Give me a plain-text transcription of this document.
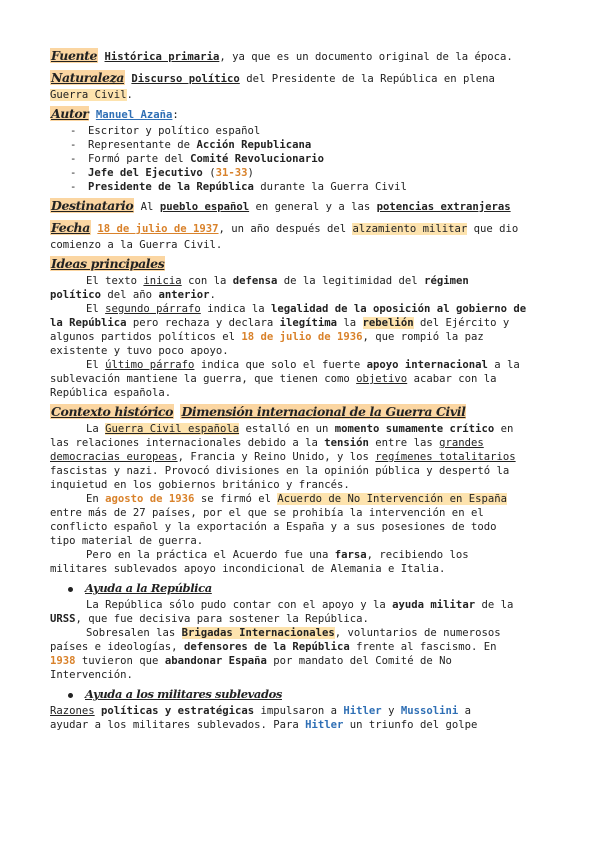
Fuente Histórica primaria, ya que es un documento original de la época.
Naturaleza Discurso político del Presidente de la República en plena
Guerra Civil.
Autor Manuel Azaña:
- Escritor y político español
- Representante de Acción Republicana
- Formó parte del Comité Revolucionario
- Jefe del Ejecutivo (31-33)
- Presidente de la República durante la Guerra Civil
Destinatario Al pueblo español en general y a las potencias extranjeras
Fecha 18 de julio de 1937, un año después del alzamiento militar que dio
comienzo a la Guerra Civil.
Ideas principales
El texto inicia con la defensa de la legitimidad del régimen
político del año anterior.
El segundo párrafo indica la legalidad de la oposición al gobierno de
la República pero rechaza y declara ilegítima la rebelión del Ejército y
algunos partidos políticos el 18 de julio de 1936, que rompió la paz
existente y tuvo poco apoyo.
El último párrafo indica que solo el fuerte apoyo internacional a la
sublevación mantiene la guerra, que tienen como objetivo acabar con la
República española.
Contexto histórico Dimensión internacional de la Guerra Civil
La Guerra Civil española estalló en un momento sumamente crítico en
las relaciones internacionales debido a la tensión entre las grandes
democracias europeas, Francia y Reino Unido, y los regímenes totalitarios
fascistas y nazi. Provocó divisiones en la opinión pública y despertó la
inquietud en los gobiernos británico y francés.
En agosto de 1936 se firmó el Acuerdo de No Intervención en España
entre más de 27 países, por el que se prohibía la intervención en el
conflicto español y la exportación a España y a sus posesiones de todo
tipo material de guerra.
Pero en la práctica el Acuerdo fue una farsa, recibiendo los
militares sublevados apoyo incondicional de Alemania e Italia.
Ayuda a la República
La República sólo pudo contar con el apoyo y la ayuda militar de la
URSS, que fue decisiva para sostener la República.
Sobresalen las Brigadas Internacionales, voluntarios de numerosos
países e ideologías, defensores de la República frente al fascismo. En
1938 tuvieron que abandonar España por mandato del Comité de No
Intervención.
Ayuda a los militares sublevados
Razones políticas y estratégicas impulsaron a Hitler y Mussolini a
ayudar a los militares sublevados. Para Hitler un triunfo del golpe
